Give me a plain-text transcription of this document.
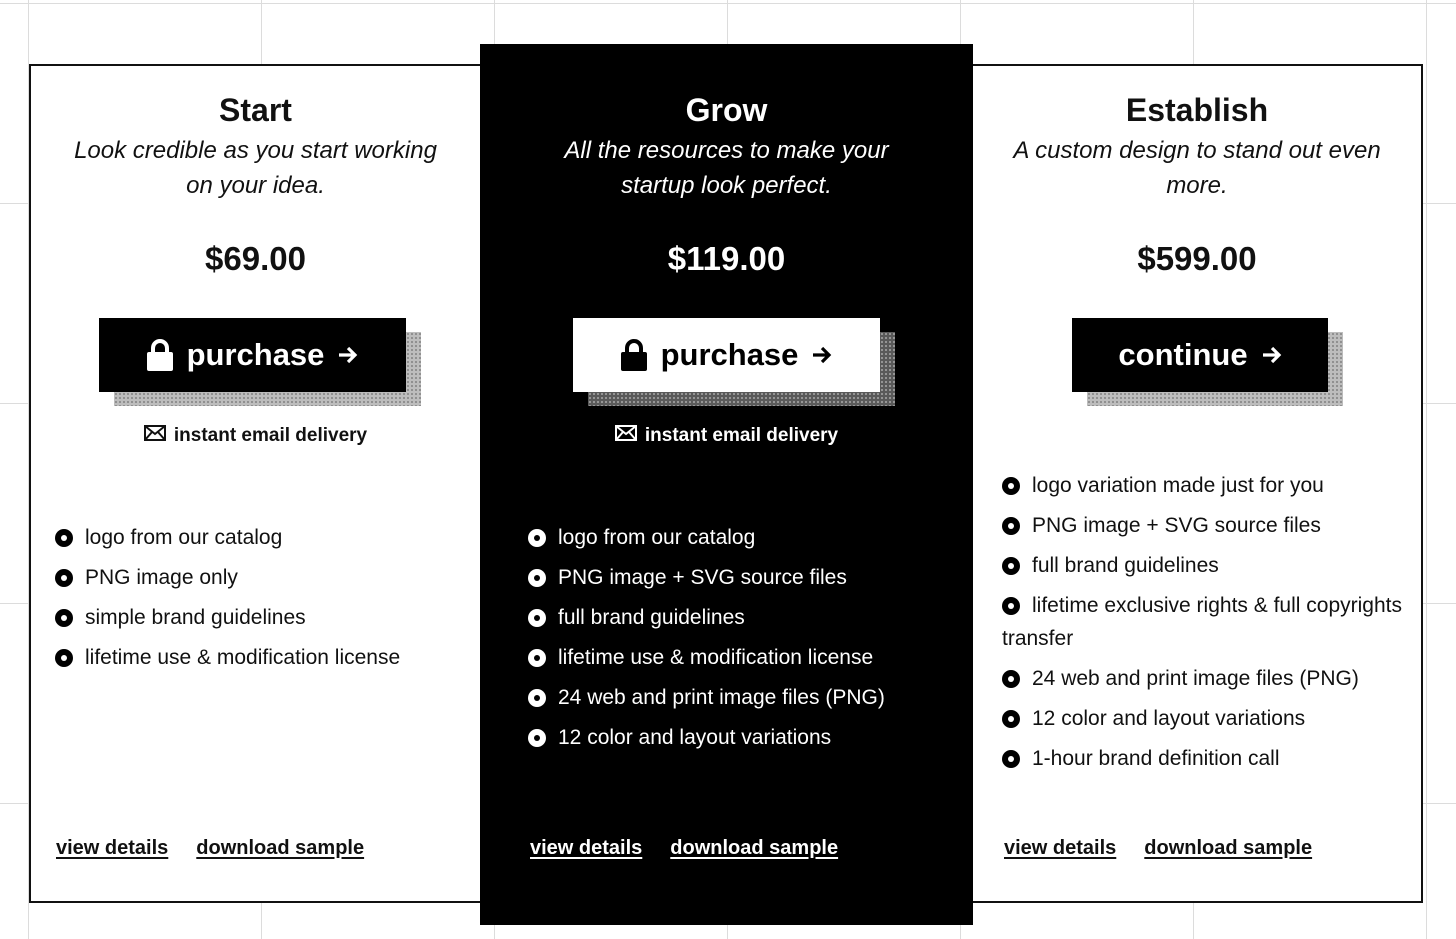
Start

Look credible as you start working on your idea.

$69.00
purchase
instant email delivery
logo from our catalog
PNG image only
simple brand guidelines
lifetime use & modification license
view details download sample
Grow

All the resources to make your startup look perfect.

$119.00
purchase
instant email delivery
logo from our catalog
PNG image + SVG source files
full brand guidelines
lifetime use & modification license
24 web and print image files (PNG)
12 color and layout variations
view details download sample
Establish

A custom design to stand out even more.

$599.00
continue
logo variation made just for you
PNG image + SVG source files
full brand guidelines
lifetime exclusive rights & full copyrights transfer
24 web and print image files (PNG)
12 color and layout variations
1-hour brand definition call
view details download sample
